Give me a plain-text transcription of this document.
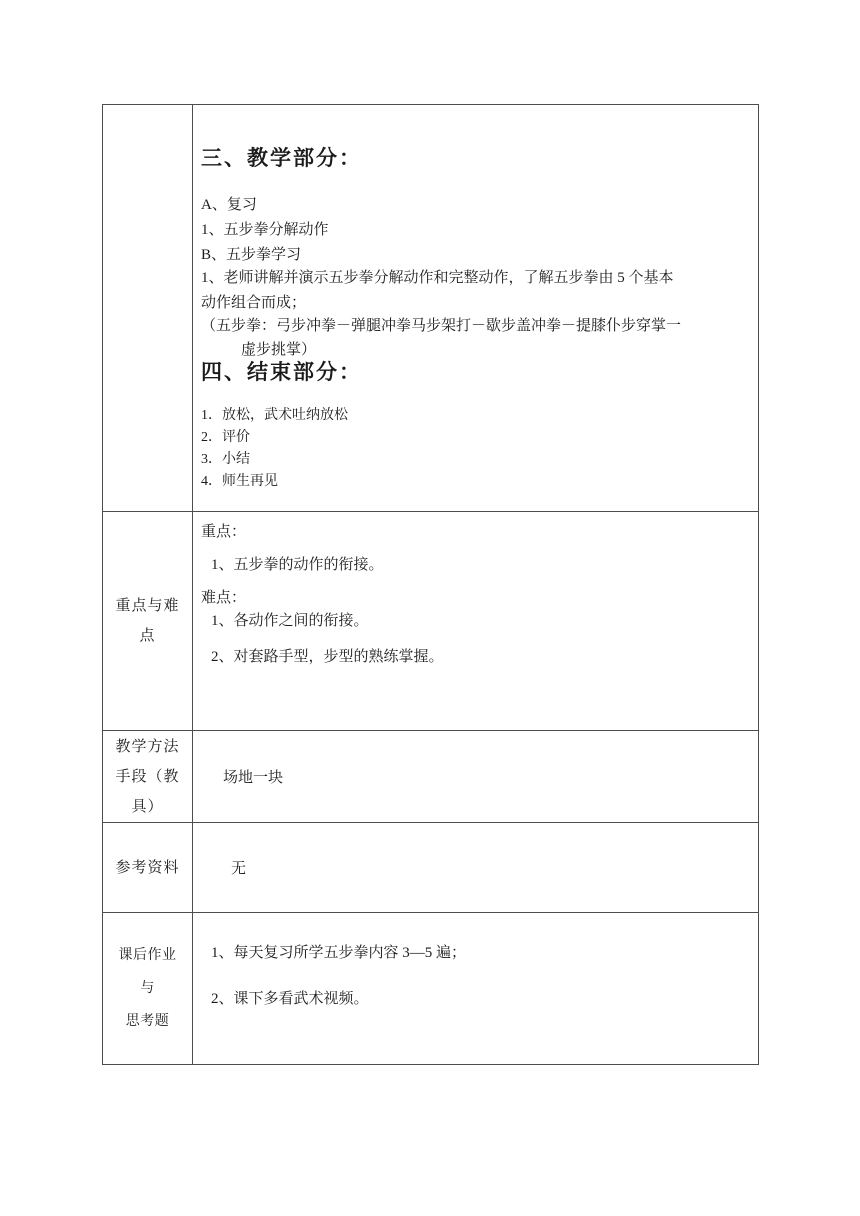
三、教学部分：
A、复习
1、五步拳分解动作
B、五步拳学习
1、老师讲解并演示五步拳分解动作和完整动作，了解五步拳由 5 个基本
动作组合而成；
（五步拳：弓步冲拳－弹腿冲拳马步架打－歇步盖冲拳－提膝仆步穿掌一
虚步挑掌）
四、结束部分：
1．放松，武术吐纳放松
2．评价
3．小结
4．师生再见
重点与难
点
重点：
1、五步拳的动作的衔接。
难点：
1、各动作之间的衔接。
2、对套路手型，步型的熟练掌握。
教学方法
手段（教
具）
场地一块
参考资料	无
课后作业
与
思考题
1、每天复习所学五步拳内容 3—5 遍；
2、课下多看武术视频。
